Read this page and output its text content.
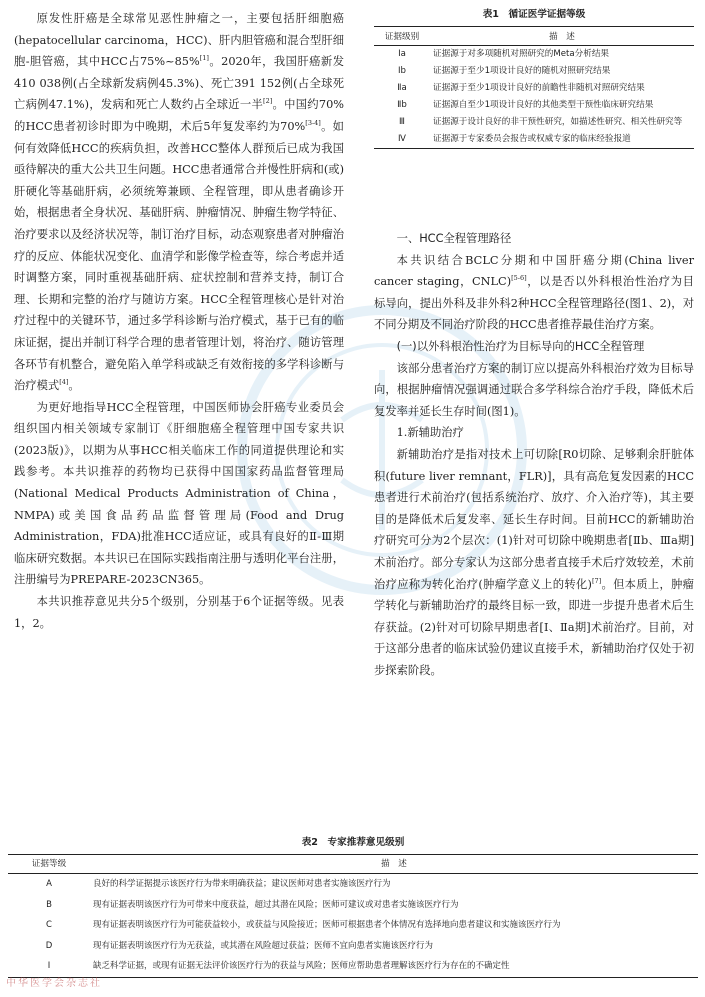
原发性肝癌是全球常见恶性肿瘤之一，主要包括肝细胞癌(hepatocellular carcinoma，HCC)、肝内胆管癌和混合型肝细胞-胆管癌，其中HCC占75%~85%[1]。2020年，我国肝癌新发410 038例(占全球新发病例45.3%)、死亡391 152例(占全球死亡病例47.1%)，发病和死亡人数约占全球近一半[2]。中国约70%的HCC患者初诊时即为中晚期，术后5年复发率约为70%[3-4]。如何有效降低HCC的疾病负担，改善HCC整体人群预后已成为我国亟待解决的重大公共卫生问题。HCC患者通常合并慢性肝病和(或)肝硬化等基础肝病，必须统筹兼顾、全程管理，即从患者确诊开始，根据患者全身状况、基础肝病、肿瘤情况、肿瘤生物学特征、治疗要求以及经济状况等，制订治疗目标，动态观察患者对肿瘤治疗的反应、体能状况变化、血清学和影像学检查等，综合考虑并适时调整方案，同时重视基础肝病、症状控制和营养支持，制订合理、长期和完整的治疗与随访方案。HCC全程管理核心是针对治疗过程中的关键环节，通过多学科诊断与治疗模式，基于已有的临床证据，提出并制订科学合理的患者管理计划，将治疗、随访管理各环节有机整合，避免陷入单学科或缺乏有效衔接的多学科诊断与治疗模式[4]。

为更好地指导HCC全程管理，中国医师协会肝癌专业委员会组织国内相关领域专家制订《肝细胞癌全程管理中国专家共识(2023版)》，以期为从事HCC相关临床工作的同道提供理论和实践参考。本共识推荐的药物均已获得中国国家药品监督管理局(National Medical Products Administration of China，NMPA)或美国食品药品监督管理局(Food and Drug Administration，FDA)批准HCC适应证，或具有良好的Ⅱ-Ⅲ期临床研究数据。本共识已在国际实践指南注册与透明化平台注册，注册编号为PREPARE-2023CN365。

本共识推荐意见共分5个级别，分别基于6个证据等级。见表1，2。

表1　循证医学证据等级

证据级别	描　述
Ⅰa	证据源于对多项随机对照研究的Meta分析结果
Ⅰb	证据源于至少1项设计良好的随机对照研究结果
Ⅱa	证据源于至少1项设计良好的前瞻性非随机对照研究结果
Ⅱb	证据源自至少1项设计良好的其他类型干预性临床研究结果
Ⅲ	证据源于设计良好的非干预性研究，如描述性研究、相关性研究等
Ⅳ	证据源于专家委员会报告或权威专家的临床经验报道

一、HCC全程管理路径

本共识结合BCLC分期和中国肝癌分期(China liver cancer staging，CNLC)[5-6]，以是否以外科根治性治疗为目标导向，提出外科及非外科2种HCC全程管理路径(图1、2)，对不同分期及不同治疗阶段的HCC患者推荐最佳治疗方案。

(一)以外科根治性治疗为目标导向的HCC全程管理

该部分患者治疗方案的制订应以提高外科根治疗效为目标导向，根据肿瘤情况强调通过联合多学科综合治疗手段，降低术后复发率并延长生存时间(图1)。

1.新辅助治疗

新辅助治疗是指对技术上可切除[R0切除、足够剩余肝脏体积(future liver remnant，FLR)]，具有高危复发因素的HCC患者进行术前治疗(包括系统治疗、放疗、介入治疗等)，其主要目的是降低术后复发率、延长生存时间。目前HCC的新辅助治疗研究可分为2个层次：(1)针对可切除中晚期患者[Ⅱb、Ⅲa期]术前治疗。部分专家认为这部分患者直接手术后疗效较差，术前治疗应称为转化治疗(肿瘤学意义上的转化)[7]。但本质上，肿瘤学转化与新辅助治疗的最终目标一致，即进一步提升患者术后生存获益。(2)针对可切除早期患者[Ⅰ、Ⅱa期]术前治疗。目前，对于这部分患者的临床试验仍建议直接手术，新辅助治疗仅处于初步探索阶段。

表2　专家推荐意见级别

证据等级	描　述
A	良好的科学证据提示该医疗行为带来明确获益；建议医师对患者实施该医疗行为
B	现有证据表明该医疗行为可带来中度获益，超过其潜在风险；医师可建议或对患者实施该医疗行为
C	现有证据表明该医疗行为可能获益较小，或获益与风险接近；医师可根据患者个体情况有选择地向患者建议和实施该医疗行为
D	现有证据表明该医疗行为无获益，或其潜在风险超过获益；医师不宜向患者实施该医疗行为
I	缺乏科学证据，或现有证据无法评价该医疗行为的获益与风险；医师应帮助患者理解该医疗行为存在的不确定性
中华医学会杂志社
